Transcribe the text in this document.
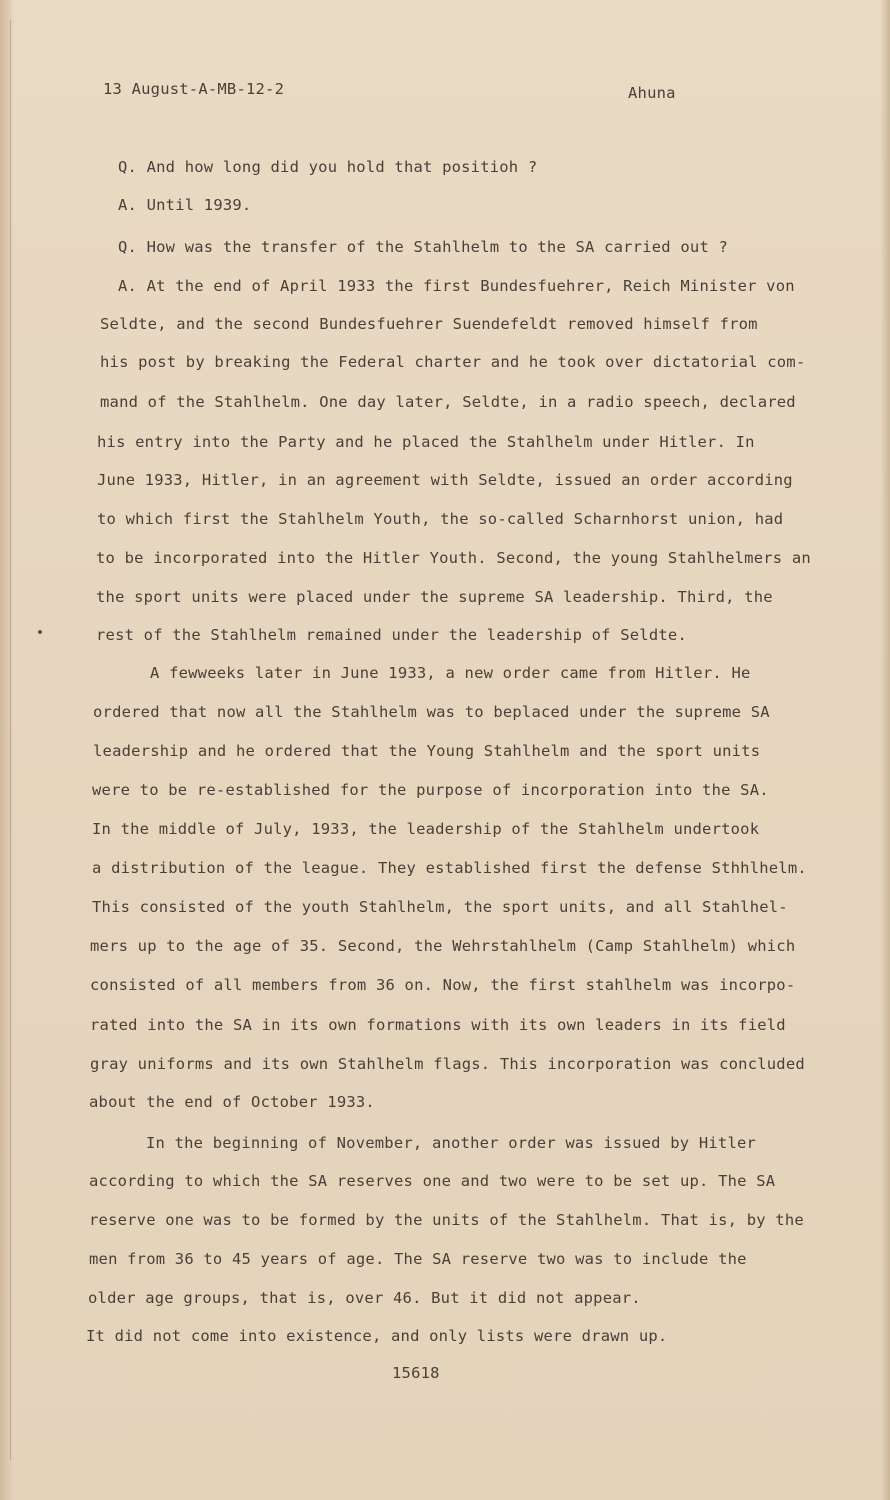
13 August-A-MB-12-2	Ahuna
Q. And how long did you hold that positioh ?
A. Until 1939.
Q. How was the transfer of the Stahlhelm to the SA carried out ?
A. At the end of April 1933 the first Bundesfuehrer, Reich Minister von
Seldte, and the second Bundesfuehrer Suendefeldt removed himself from
his post by breaking the Federal charter and he took over dictatorial com-
mand of the Stahlhelm. One day later, Seldte, in a radio speech, declared
his entry into the Party and he placed the Stahlhelm under Hitler. In
June 1933, Hitler, in an agreement with Seldte, issued an order according
to which first the Stahlhelm Youth, the so-called Scharnhorst union, had
to be incorporated into the Hitler Youth. Second, the young Stahlhelmers an
the sport units were placed under the supreme SA leadership. Third, the
rest of the Stahlhelm remained under the leadership of Seldte.
A fewweeks later in June 1933, a new order came from Hitler. He
ordered that now all the Stahlhelm was to beplaced under the supreme SA
leadership and he ordered that the Young Stahlhelm and the sport units
were to be re-established for the purpose of incorporation into the SA.
In the middle of July, 1933, the leadership of the Stahlhelm undertook
a distribution of the league. They established first the defense Sthhlhelm.
This consisted of the youth Stahlhelm, the sport units, and all Stahlhel-
mers up to the age of 35. Second, the Wehrstahlhelm (Camp Stahlhelm) which
consisted of all members from 36 on. Now, the first stahlhelm was incorpo-
rated into the SA in its own formations with its own leaders in its field
gray uniforms and its own Stahlhelm flags. This incorporation was concluded
about the end of October 1933.
In the beginning of November, another order was issued by Hitler
according to which the SA reserves one and two were to be set up. The SA
reserve one was to be formed by the units of the Stahlhelm. That is, by the
men from 36 to 45 years of age. The SA reserve two was to include the
older age groups, that is, over 46. But it did not appear.
It did not come into existence, and only lists were drawn up.
15618
